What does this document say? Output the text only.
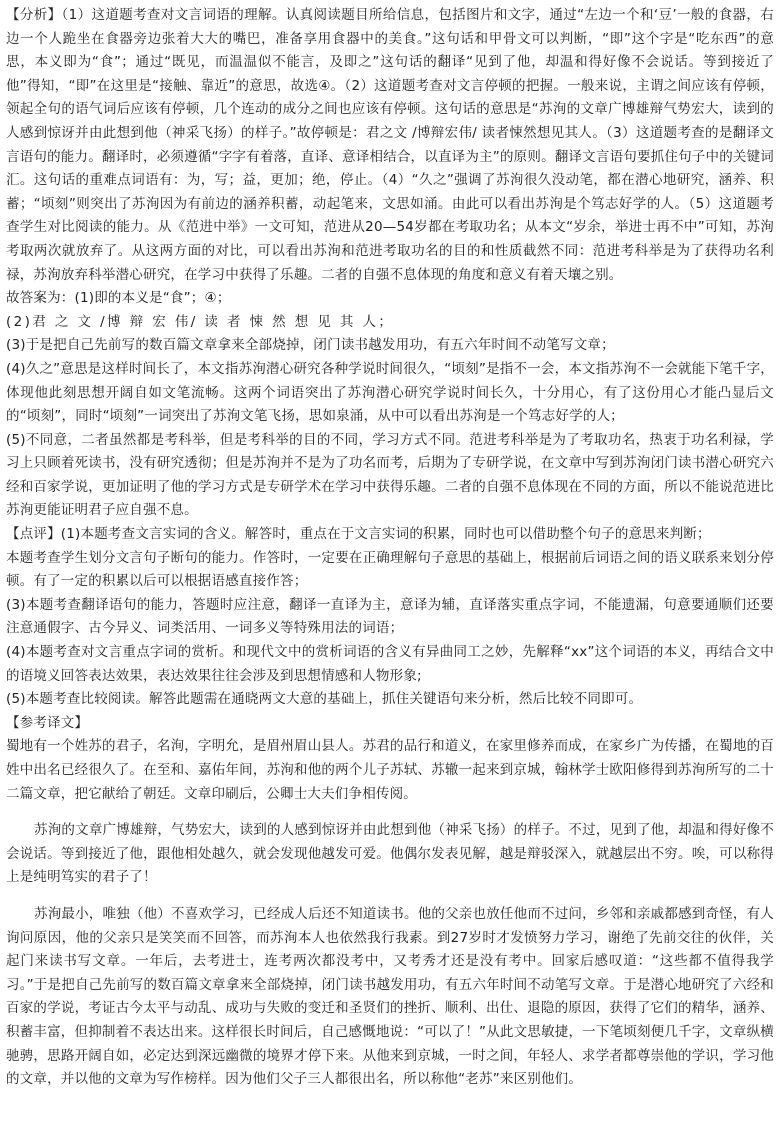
【分析】（1）这道题考查对文言词语的理解。认真阅读题目所给信息，包括图片和文字，通过“左边一个和‘豆’一般的食器，右边一个人跪坐在食器旁边张着大大的嘴巴，准备享用食器中的美食。”这句话和甲骨文可以判断，“即”这个字是“吃东西”的意思，本义即为“食”；通过“既见，而温温似不能言，及即之”这句话的翻译“见到了他，却温和得好像不会说话。等到接近了他”得知，“即”在这里是“接触、靠近”的意思，故选④。（2）这道题考查对文言停顿的把握。一般来说，主谓之间应该有停顿，领起全句的语气词后应该有停顿，几个连动的成分之间也应该有停顿。这句话的意思是“苏洵的文章广博雄辩气势宏大，读到的人感到惊讶并由此想到他（神采飞扬）的样子。”故停顿是：君之文 /博辩宏伟/ 读者悚然想见其人。（3）这道题考查的是翻译文言语句的能力。翻译时，必须遵循“字字有着落，直译、意译相结合，以直译为主”的原则。翻译文言语句要抓住句子中的关键词汇。这句话的重难点词语有：为，写；益，更加；绝，停止。（4）“久之”强调了苏洵很久没动笔，都在潜心地研究，涵养、积蓄；“顷刻”则突出了苏洵因为有前边的涵养积蓄，动起笔来，文思如涌。由此可以看出苏洵是个笃志好学的人。（5）这道题考查学生对比阅读的能力。从《范进中举》一文可知，范进从20—54岁都在考取功名；从本文“岁余，举进士再不中”可知，苏洵考取两次就放弃了。从这两方面的对比，可以看出苏洵和范进考取功名的目的和性质截然不同：范进考科举是为了获得功名利禄，苏洵放弃科举潜心研究，在学习中获得了乐趣。二者的自强不息体现的角度和意义有着天壤之别。

故答案为：(1)即的本义是“食”；④；

(2)君 之 文 /博 辩 宏 伟/ 读 者 悚 然 想 见 其 人；

(3)于是把自己先前写的数百篇文章拿来全部烧掉，闭门读书越发用功，有五六年时间不动笔写文章；

(4)久之”意思是这样时间长了，本文指苏洵潜心研究各种学说时间很久，“顷刻”是指不一会，本文指苏洵不一会就能下笔千字，体现他此刻思想开阔自如文笔流畅。这两个词语突出了苏洵潜心研究学说时间长久，十分用心，有了这份用心才能凸显后文的“顷刻”，同时“顷刻”一词突出了苏洵文笔飞扬，思如泉涌，从中可以看出苏洵是一个笃志好学的人；

(5)不同意，二者虽然都是考科举，但是考科举的目的不同，学习方式不同。范进考科举是为了考取功名，热衷于功名利禄，学习上只顾着死读书，没有研究透彻；但是苏洵并不是为了功名而考，后期为了专研学说，在文章中写到苏洵闭门读书潜心研究六经和百家学说，更加证明了他的学习方式是专研学术在学习中获得乐趣。二者的自强不息体现在不同的方面，所以不能说范进比苏洵更能证明君子应自强不息。

【点评】(1)本题考查文言实词的含义。解答时，重点在于文言实词的积累，同时也可以借助整个句子的意思来判断；

本题考查学生划分文言句子断句的能力。作答时，一定要在正确理解句子意思的基础上，根据前后词语之间的语义联系来划分停顿。有了一定的积累以后可以根据语感直接作答；

(3)本题考查翻译语句的能力，答题时应注意，翻译一直译为主，意译为辅，直译落实重点字词，不能遗漏，句意要通顺们还要注意通假字、古今异义、词类活用、一词多义等特殊用法的词语；

(4)本题考查对文言重点字词的赏析。和现代文中的赏析词语的含义有异曲同工之妙，先解释“xx”这个词语的本义，再结合文中的语境义回答表达效果，表达效果往往会涉及到思想情感和人物形象;

(5)本题考查比较阅读。解答此题需在通晓两文大意的基础上，抓住关键语句来分析，然后比较不同即可。

【参考译文】

蜀地有一个姓苏的君子，名洵，字明允，是眉州眉山县人。苏君的品行和道义，在家里修养而成，在家乡广为传播，在蜀地的百姓中出名已经很久了。在至和、嘉佑年间，苏洵和他的两个儿子苏轼、苏辙一起来到京城，翰林学士欧阳修得到苏洵所写的二十二篇文章，把它献给了朝廷。文章印刷后，公卿士大夫们争相传阅。

苏洵的文章广博雄辩，气势宏大，读到的人感到惊讶并由此想到他（神采飞扬）的样子。不过，见到了他，却温和得好像不会说话。等到接近了他，跟他相处越久，就会发现他越发可爱。他偶尔发表见解，越是辩驳深入，就越层出不穷。唉，可以称得上是纯明笃实的君子了！

苏洵最小，唯独（他）不喜欢学习，已经成人后还不知道读书。他的父亲也放任他而不过问，乡邻和亲戚都感到奇怪，有人询问原因，他的父亲只是笑笑而不回答，而苏洵本人也依然我行我素。到27岁时才发愤努力学习，谢绝了先前交往的伙伴，关起门来读书写文章。一年后，去考进士，连考两次都没考中，又考秀才还是没有考中。回家后感叹道：“这些都不值得我学习。”于是把自己先前写的数百篇文章拿来全部烧掉，闭门读书越发用功，有五六年时间不动笔写文章。于是潜心地研究了六经和百家的学说，考证古今太平与动乱、成功与失败的变迁和圣贤们的挫折、顺利、出仕、退隐的原因，获得了它们的精华，涵养、积蓄丰富，但抑制着不表达出来。这样很长时间后，自己感慨地说：“可以了！”从此文思敏捷，一下笔顷刻便几千字，文章纵横驰骋，思路开阔自如，必定达到深远幽微的境界才停下来。从他来到京城，一时之间，年轻人、求学者都尊崇他的学识，学习他的文章，并以他的文章为写作榜样。因为他们父子三人都很出名，所以称他“老苏”来区别他们。
